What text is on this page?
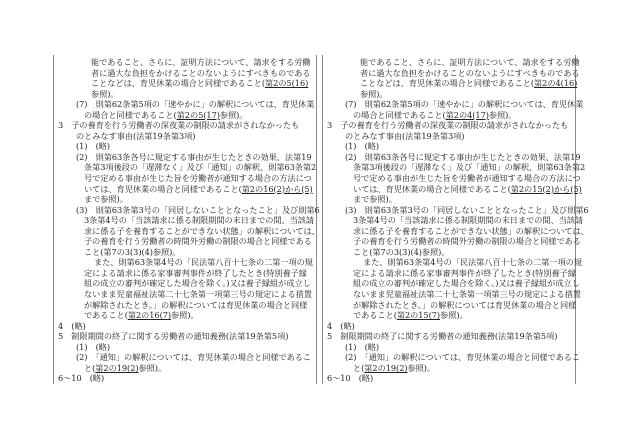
能であること、さらに、証明方法について、請求をする労働
者に過大な負担をかけることのないようにすべきものである
ことなどは、育児休業の場合と同様であること(第2の5(16)
参照)。
(7)　則第62条第5項の「速やかに」の解釈については、育児休業
の場合と同様であること(第2の5(17)参照)。
3　子の養育を行う労働者の深夜業の制限の請求がされなかったも
のとみなす事由(法第19条第3項)
(1)　(略)
(2)　則第63条各号に規定する事由が生じたときの効果、法第19
条第3項後段の「遅滞なく」及び「通知」の解釈、則第63条第2
号で定める事由が生じた旨を労働者が通知する場合の方法につ
いては、育児休業の場合と同様であること(第2の16(2)から(5)
まで参照)。
(3)　則第63条第3号の「同居しないこととなったこと」及び則第6
3条第4号の「当該請求に係る制限期間の末日までの間、当該請
求に係る子を養育することができない状態」の解釈については、
子の養育を行う労働者の時間外労働の制限の場合と同様である
こと(第7の3(3)(4)参照)。
また、則第63条第4号の「民法第八百十七条の二第一項の規
定による請求に係る家事審判事件が終了したとき(特別養子縁
組の成立の審判が確定した場合を除く。)又は養子縁組が成立し
ないまま児童福祉法第二十七条第一項第三号の規定による措置
が解除されたとき。」の解釈については育児休業の場合と同様
であること(第2の16(7)参照)。
4　(略)
5　制限期間の終了に関する労働者の通知義務(法第19条第5項)
(1)　(略)
(2)　「通知」の解釈については、育児休業の場合と同様であるこ
と(第2の19(2)参照)。
6～10　(略)
能であること、さらに、証明方法について、請求をする労働
者に過大な負担をかけることのないようにすべきものである
ことなどは、育児休業の場合と同様であること(第2の4(16)
参照)。
(7)　則第62条第5項の「速やかに」の解釈については、育児休業
の場合と同様であること(第2の4(17)参照)。
3　子の養育を行う労働者の深夜業の制限の請求がされなかったも
のとみなす事由(法第19条第3項)
(1)　(略)
(2)　則第63条各号に規定する事由が生じたときの効果、法第19
条第3項後段の「遅滞なく」及び「通知」の解釈、則第63条第2
号で定める事由が生じた旨を労働者が通知する場合の方法につ
いては、育児休業の場合と同様であること(第2の15(2)から(5)
まで参照)。
(3)　則第63条第3号の「同居しないこととなったこと」及び則第6
3条第4号の「当該請求に係る制限期間の末日までの間、当該請
求に係る子を養育することができない状態」の解釈については、
子の養育を行う労働者の時間外労働の制限の場合と同様である
こと(第7の3(3)(4)参照)。
また、則第63条第4号の「民法第八百十七条の二第一項の規
定による請求に係る家事審判事件が終了したとき(特別養子縁
組の成立の審判が確定した場合を除く。)又は養子縁組が成立し
ないまま児童福祉法第二十七条第一項第三号の規定による措置
が解除されたとき。」の解釈については育児休業の場合と同様
であること(第2の15(7)参照)。
4　(略)
5　制限期間の終了に関する労働者の通知義務(法第19条第5項)
(1)　(略)
(2)　「通知」の解釈については、育児休業の場合と同様であるこ
と(第2の19(2)参照)。
6～10　(略)
